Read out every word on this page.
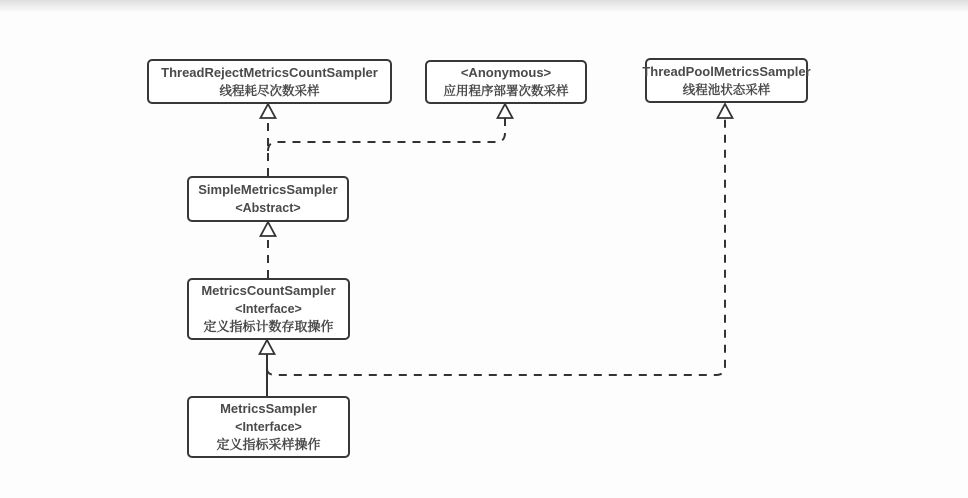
ThreadRejectMetricsCountSampler
线程耗尽次数采样
<Anonymous>
应用程序部署次数采样
ThreadPoolMetricsSampler
线程池状态采样
SimpleMetricsSampler
<Abstract>
MetricsCountSampler
<Interface>
定义指标计数存取操作
MetricsSampler
<Interface>
定义指标采样操作
